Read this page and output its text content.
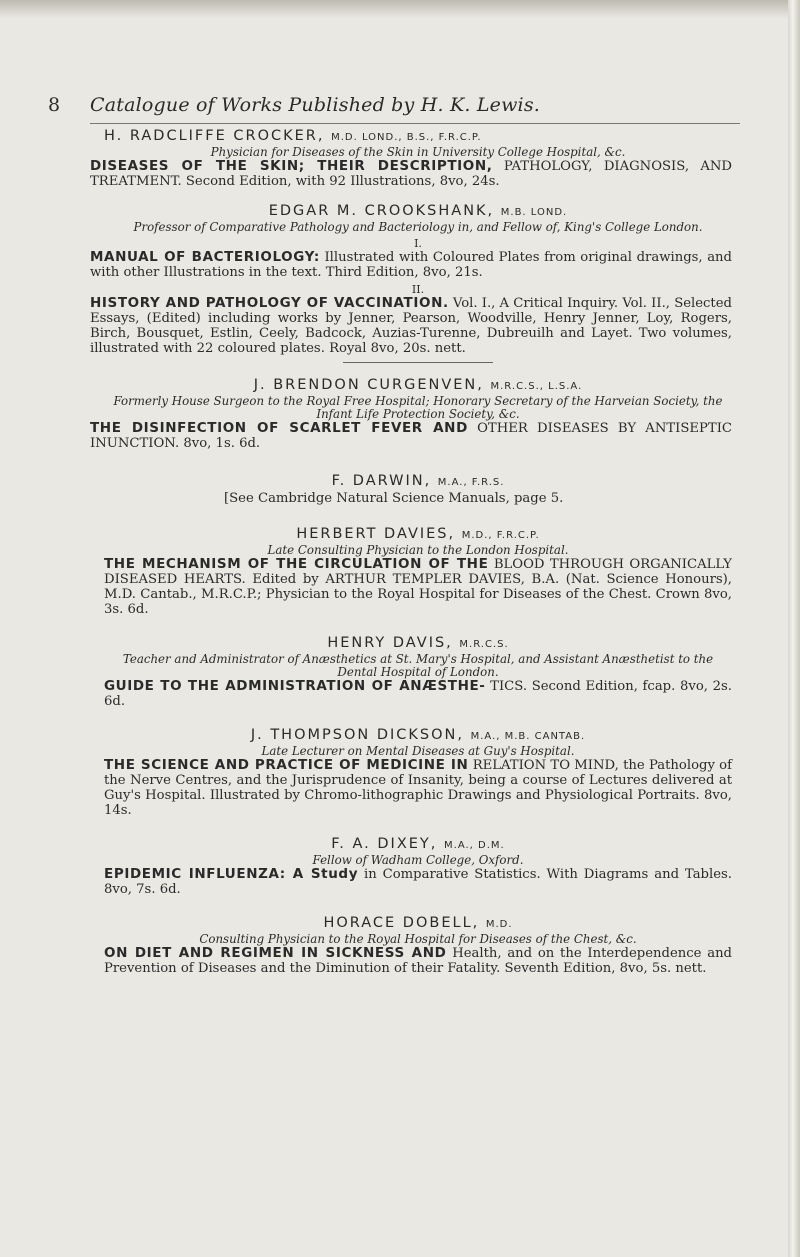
8 Catalogue of Works Published by H. K. Lewis.

H. RADCLIFFE CROCKER, M.D. LOND., B.S., F.R.C.P.

Physician for Diseases of the Skin in University College Hospital, &c.

DISEASES OF THE SKIN; THEIR DESCRIPTION, PATHOLOGY, DIAGNOSIS, AND TREATMENT. Second Edition, with 92 Illustrations, 8vo, 24s.

EDGAR M. CROOKSHANK, M.B. LOND.

Professor of Comparative Pathology and Bacteriology in, and Fellow of, King's College London.
I.

MANUAL OF BACTERIOLOGY: Illustrated with Coloured Plates from original drawings, and with other Illustrations in the text. Third Edition, 8vo, 21s.

II.

HISTORY AND PATHOLOGY OF VACCINATION. Vol. I., A Critical Inquiry. Vol. II., Selected Essays, (Edited) including works by Jenner, Pearson, Woodville, Henry Jenner, Loy, Rogers, Birch, Bousquet, Estlin, Ceely, Badcock, Auzias-Turenne, Dubreuilh and Layet. Two volumes, illustrated with 22 coloured plates. Royal 8vo, 20s. nett.

J. BRENDON CURGENVEN, M.R.C.S., L.S.A.

Formerly House Surgeon to the Royal Free Hospital; Honorary Secretary of the Harveian Society, the Infant Life Protection Society, &c.

THE DISINFECTION OF SCARLET FEVER AND OTHER DISEASES BY ANTISEPTIC INUNCTION. 8vo, 1s. 6d.

F. DARWIN, M.A., F.R.S.

[See Cambridge Natural Science Manuals, page 5.

HERBERT DAVIES, M.D., F.R.C.P.

Late Consulting Physician to the London Hospital.

THE MECHANISM OF THE CIRCULATION OF THE BLOOD THROUGH ORGANICALLY DISEASED HEARTS. Edited by ARTHUR TEMPLER DAVIES, B.A. (Nat. Science Honours), M.D. Cantab., M.R.C.P.; Physician to the Royal Hospital for Diseases of the Chest. Crown 8vo, 3s. 6d.

HENRY DAVIS, M.R.C.S.

Teacher and Administrator of Anæsthetics at St. Mary's Hospital, and Assistant Anæsthetist to the Dental Hospital of London.

GUIDE TO THE ADMINISTRATION OF ANÆSTHE- TICS. Second Edition, fcap. 8vo, 2s. 6d.

J. THOMPSON DICKSON, M.A., M.B. CANTAB.

Late Lecturer on Mental Diseases at Guy's Hospital.

THE SCIENCE AND PRACTICE OF MEDICINE IN RELATION TO MIND, the Pathology of the Nerve Centres, and the Jurisprudence of Insanity, being a course of Lectures delivered at Guy's Hospital. Illustrated by Chromo-lithographic Drawings and Physiological Portraits. 8vo, 14s.

F. A. DIXEY, M.A., D.M.

Fellow of Wadham College, Oxford.

EPIDEMIC INFLUENZA: A Study in Comparative Statistics. With Diagrams and Tables. 8vo, 7s. 6d.

HORACE DOBELL, M.D.

Consulting Physician to the Royal Hospital for Diseases of the Chest, &c.

ON DIET AND REGIMEN IN SICKNESS AND Health, and on the Interdependence and Prevention of Diseases and the Diminution of their Fatality. Seventh Edition, 8vo, 5s. nett.
